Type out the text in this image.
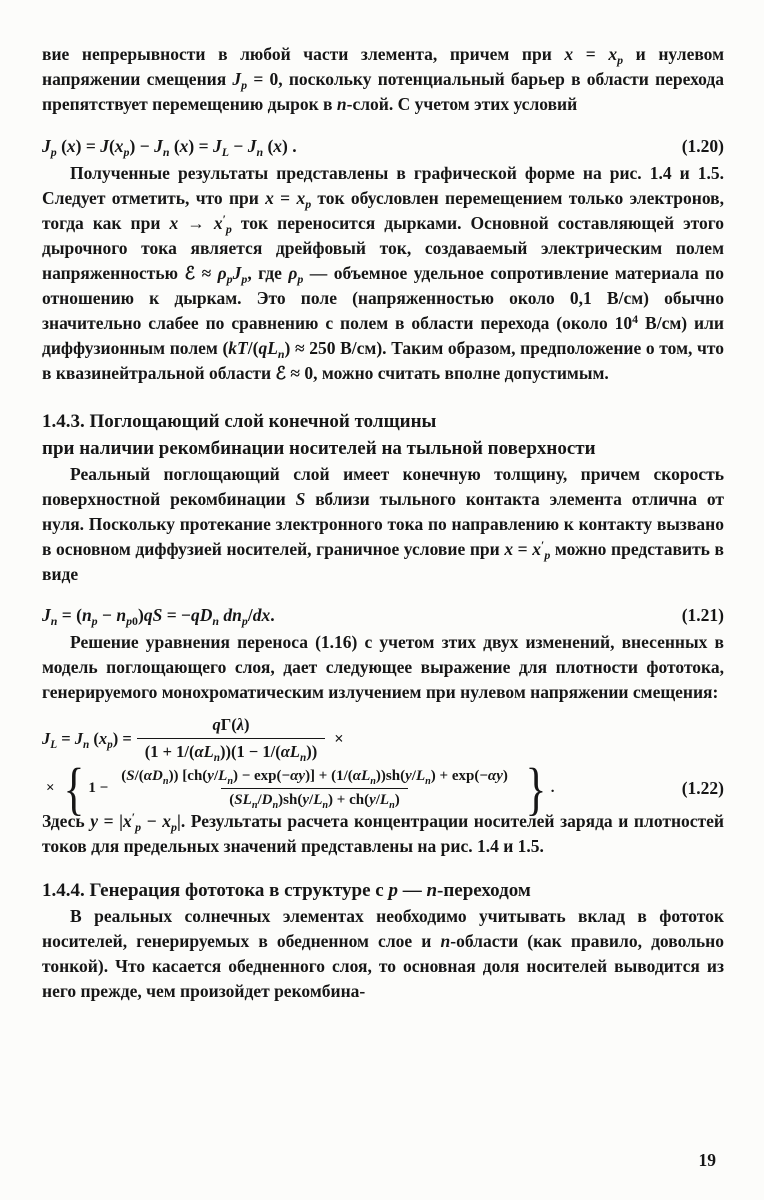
вие непрерывности в любой части злемента, причем при $x = x_p$ и нулевом напряжении смещения $J_p = 0$, поскольку потенциальный барьер в области перехода препятствует перемещению дырок в n-слой. С учетом этих условий

$J_p$ $(x) = J(x_p) - J_n$ $(x) = J_L - J_n$ (x) .	(1.20)

Полученные результаты представлены в графической форме на рис. 1.4 и 1.5. Следует отметить, что при $x = x_p$ ток обусловлен перемещением только электронов, тогда как при $x \to x'_p$ ток переносится дырками. Основной составляющей этого дырочного тока является дрейфовый ток, создаваемый электрическим полем напряженностью ℰ ≈ $\rho_pJ_p$, где $\rho_p$ — объемное удельное сопротивление материала по отношению к дыркам. Это поле (напряженностью около 0,1 В/см) обычно значительно слабее по сравнению с полем в области перехода (около $10^4$ В/см) или диффузионным полем ($kT/(qL_n) \approx 250$ В/см). Таким образом, предположение о том, что в квазинейтральной области ℰ ≈ 0, можно считать вполне допустимым.

1.4.3. Поглощающий слой конечной толщины
при наличии рекомбинации носителей на тыльной поверхности

Реальный поглощающий слой имеет конечную толщину, причем скорость поверхностной рекомбинации S вблизи тыльного контакта элемента отлична от нуля. Поскольку протекание злектронного тока по направлению к контакту вызвано в основном диффузией носителей, граничное условие при $x = x'_p$ можно представить в виде

$J_n = (n_p - n_{p0})qS = -qD_n$ $dn_p/dx$.	(1.21)

Решение уравнения переноса (1.16) с учетом зтих двух изменений, внесенных в модель поглощающего слоя, дает следующее выражение для плотности фототока, генерируемого монохроматическим излучением при нулевом напряжении смещения:

$J_L = J_n$ $(x_p) = \frac{q\Gamma(\lambda)}{(1 + 1/(\alpha L_n))(1 - 1/(\alpha L_n))}$ ×
× { 1 −
$(S/(\alpha D_n)) [ch(y/L_n) - \exp(-\alpha y)] + (1/(\alpha L_n))sh(y/L_n) + \exp(-\alpha y)$
$(SL_n/D_n)sh(y/L_n) + ch(y/L_n)$ } .	(1.22)

Здесь $y = |x'_p - x_p|$. Результаты расчета концентрации носителей заряда и плотностей токов для предельных значений представлены на рис. 1.4 и 1.5.

1.4.4. Генерация фототока в структуре с p — n-переходом

В реальных солнечных элементах необходимо учитывать вклад в фототок носителей, генерируемых в обедненном слое и n-области (как правило, довольно тонкой). Что касается обедненного слоя, то основная доля носителей выводится из него прежде, чем произойдет рекомбина-

19
